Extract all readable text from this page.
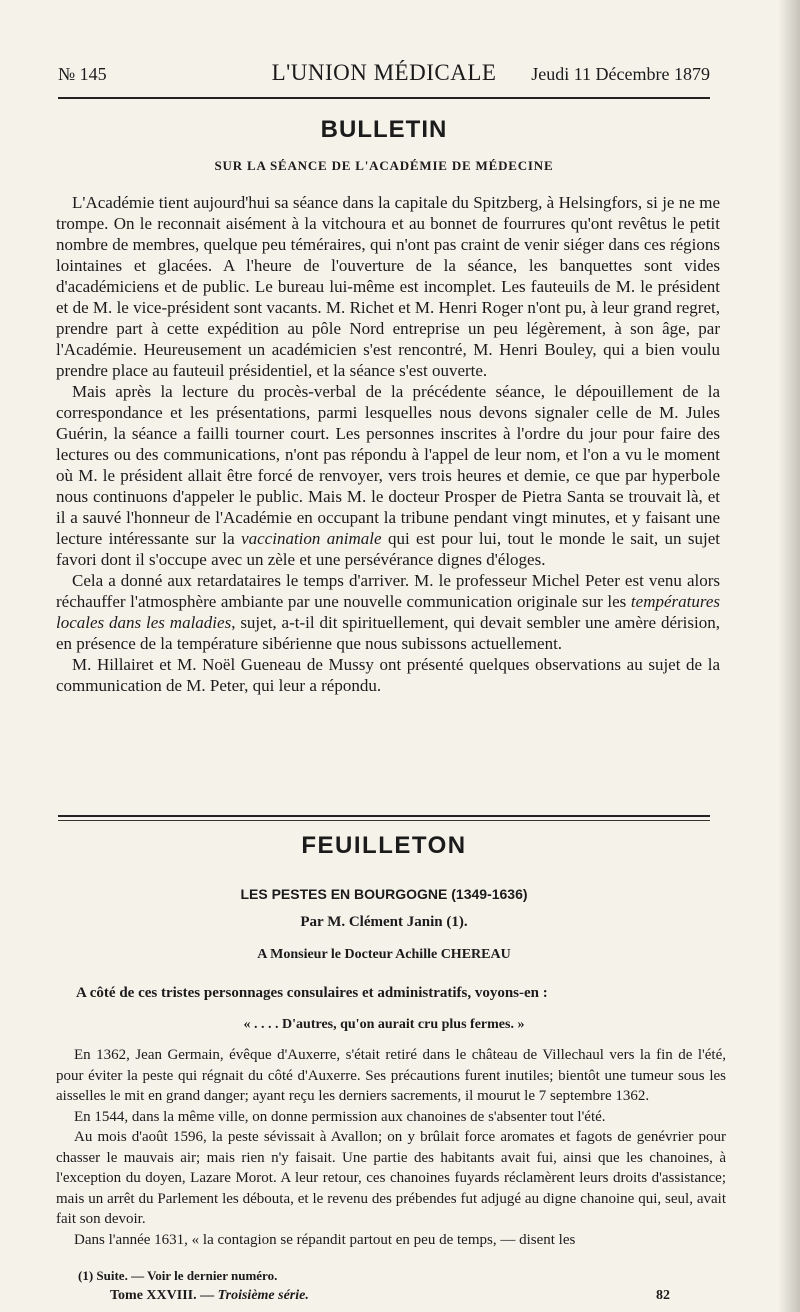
№ 145	L'UNION MÉDICALE	Jeudi 11 Décembre 1879
BULLETIN
SUR LA SÉANCE DE L'ACADÉMIE DE MÉDECINE

L'Académie tient aujourd'hui sa séance dans la capitale du Spitzberg, à Helsingfors, si je ne me trompe. On le reconnait aisément à la vitchoura et au bonnet de fourrures qu'ont revêtus le petit nombre de membres, quelque peu téméraires, qui n'ont pas craint de venir siéger dans ces régions lointaines et glacées. A l'heure de l'ouverture de la séance, les banquettes sont vides d'académiciens et de public. Le bureau lui-même est incomplet. Les fauteuils de M. le président et de M. le vice-président sont vacants. M. Richet et M. Henri Roger n'ont pu, à leur grand regret, prendre part à cette expédition au pôle Nord entreprise un peu légèrement, à son âge, par l'Académie. Heureusement un académicien s'est rencontré, M. Henri Bouley, qui a bien voulu prendre place au fauteuil présidentiel, et la séance s'est ouverte.

Mais après la lecture du procès-verbal de la précédente séance, le dépouillement de la correspondance et les présentations, parmi lesquelles nous devons signaler celle de M. Jules Guérin, la séance a failli tourner court. Les personnes inscrites à l'ordre du jour pour faire des lectures ou des communications, n'ont pas répondu à l'appel de leur nom, et l'on a vu le moment où M. le président allait être forcé de renvoyer, vers trois heures et demie, ce que par hyperbole nous continuons d'appeler le public. Mais M. le docteur Prosper de Pietra Santa se trouvait là, et il a sauvé l'honneur de l'Académie en occupant la tribune pendant vingt minutes, et y faisant une lecture intéressante sur la vaccination animale qui est pour lui, tout le monde le sait, un sujet favori dont il s'occupe avec un zèle et une persévérance dignes d'éloges.

Cela a donné aux retardataires le temps d'arriver. M. le professeur Michel Peter est venu alors réchauffer l'atmosphère ambiante par une nouvelle communication originale sur les températures locales dans les maladies, sujet, a-t-il dit spirituellement, qui devait sembler une amère dérision, en présence de la température sibérienne que nous subissons actuellement.

M. Hillairet et M. Noël Gueneau de Mussy ont présenté quelques observations au sujet de la communication de M. Peter, qui leur a répondu.

FEUILLETON
LES PESTES EN BOURGOGNE (1349-1636)
Par M. Clément Janin (1).
A Monsieur le Docteur Achille CHEREAU
A côté de ces tristes personnages consulaires et administratifs, voyons-en :
« . . . . D'autres, qu'on aurait cru plus fermes. »

En 1362, Jean Germain, évêque d'Auxerre, s'était retiré dans le château de Villechaul vers la fin de l'été, pour éviter la peste qui régnait du côté d'Auxerre. Ses précautions furent inutiles; bientôt une tumeur sous les aisselles le mit en grand danger; ayant reçu les derniers sacrements, il mourut le 7 septembre 1362.

En 1544, dans la même ville, on donne permission aux chanoines de s'absenter tout l'été.

Au mois d'août 1596, la peste sévissait à Avallon; on y brûlait force aromates et fagots de genévrier pour chasser le mauvais air; mais rien n'y faisait. Une partie des habitants avait fui, ainsi que les chanoines, à l'exception du doyen, Lazare Morot. A leur retour, ces chanoines fuyards réclamèrent leurs droits d'assistance; mais un arrêt du Parlement les débouta, et le revenu des prébendes fut adjugé au digne chanoine qui, seul, avait fait son devoir.

Dans l'année 1631, « la contagion se répandit partout en peu de temps, — disent les

(1) Suite. — Voir le dernier numéro.
Tome XXVIII. — Troisième série.	82
